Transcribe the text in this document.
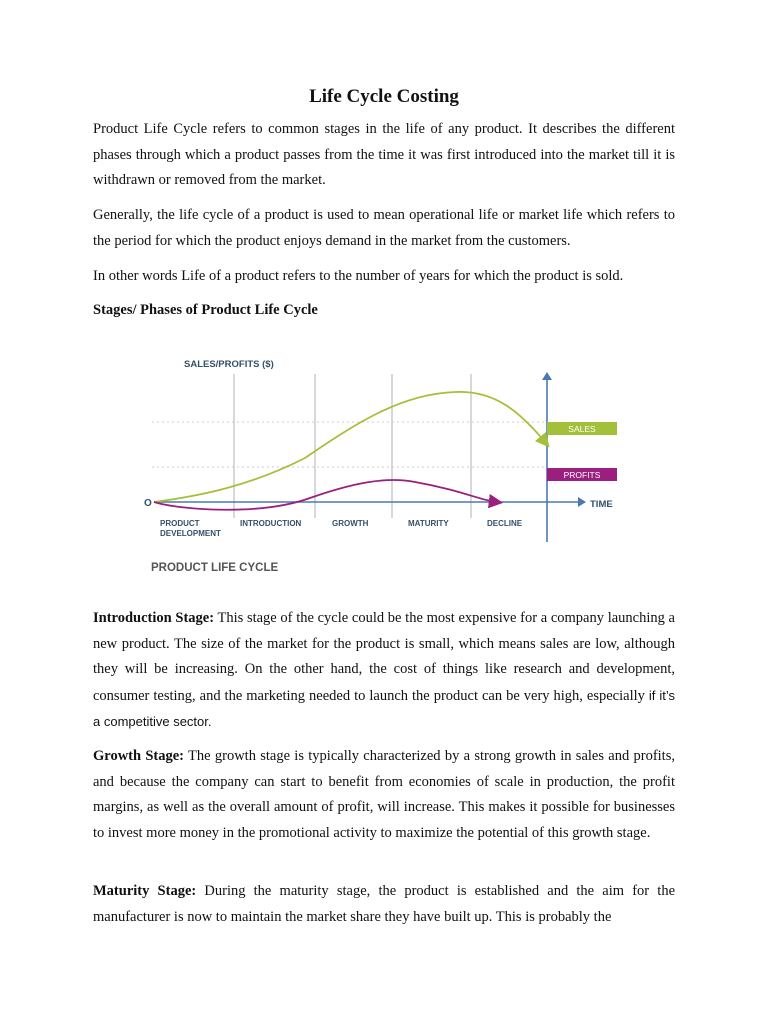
Life Cycle Costing

Product Life Cycle refers to common stages in the life of any product. It describes the different phases through which a product passes from the time it was first introduced into the market till it is withdrawn or removed from the market.

Generally, the life cycle of a product is used to mean operational life or market life which refers to the period for which the product enjoys demand in the market from the customers.

In other words Life of a product refers to the number of years for which the product is sold.

Stages/ Phases of Product Life Cycle

SALES/PROFITS ($)
O	TIME
SALES
PROFITS
PRODUCT DEVELOPMENT
INTRODUCTION	GROWTH	MATURITY	DECLINE
PRODUCT LIFE CYCLE

Introduction Stage: This stage of the cycle could be the most expensive for a company launching a new product. The size of the market for the product is small, which means sales are low, although they will be increasing. On the other hand, the cost of things like research and development, consumer testing, and the marketing needed to launch the product can be very high, especially if it’s a competitive sector.

Growth Stage: The growth stage is typically characterized by a strong growth in sales and profits, and because the company can start to benefit from economies of scale in production, the profit margins, as well as the overall amount of profit, will increase. This makes it possible for businesses to invest more money in the promotional activity to maximize the potential of this growth stage.

Maturity Stage: During the maturity stage, the product is established and the aim for the manufacturer is now to maintain the market share they have built up. This is probably the
